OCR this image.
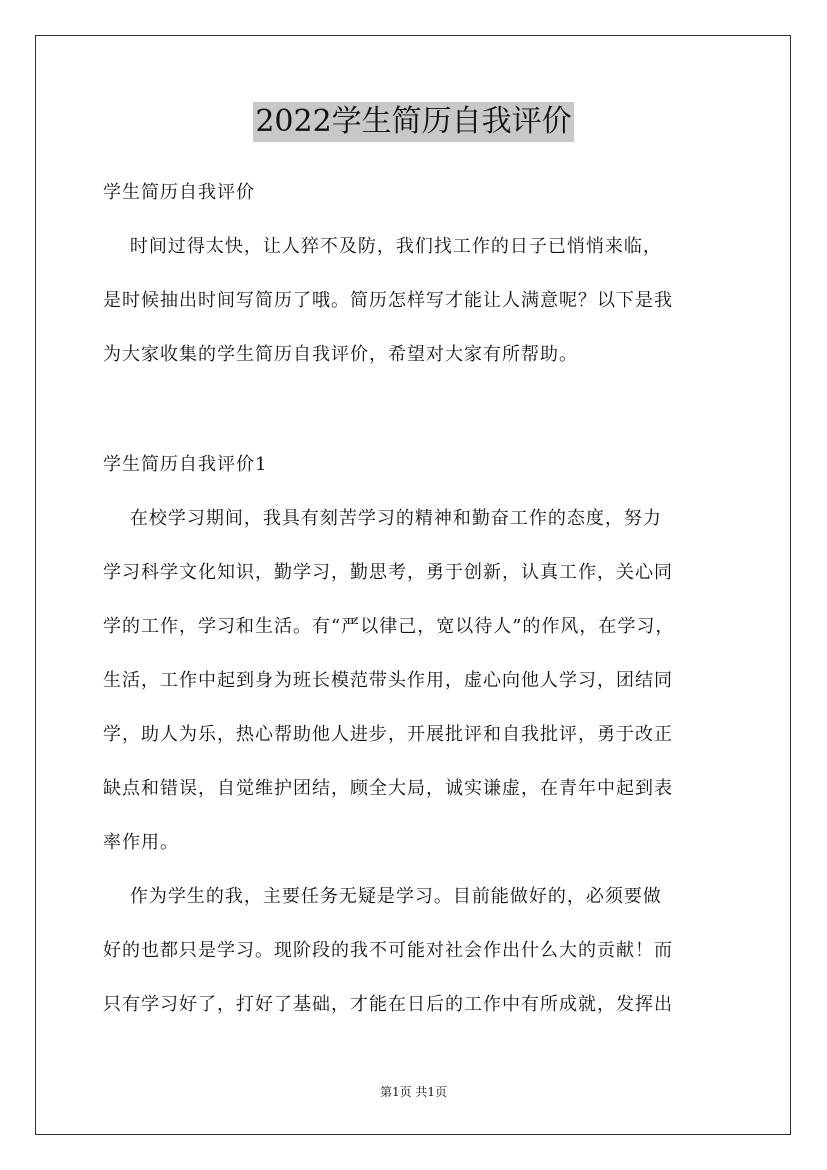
2022学生简历自我评价
学生简历自我评价
时间过得太快，让人猝不及防，我们找工作的日子已悄悄来临，
是时候抽出时间写简历了哦。简历怎样写才能让人满意呢？以下是我
为大家收集的学生简历自我评价，希望对大家有所帮助。
学生简历自我评价1
在校学习期间，我具有刻苦学习的精神和勤奋工作的态度，努力
学习科学文化知识，勤学习，勤思考，勇于创新，认真工作，关心同
学的工作，学习和生活。有“严以律己，宽以待人”的作风，在学习，
生活，工作中起到身为班长模范带头作用，虚心向他人学习，团结同
学，助人为乐，热心帮助他人进步，开展批评和自我批评，勇于改正
缺点和错误，自觉维护团结，顾全大局，诚实谦虚，在青年中起到表
率作用。
作为学生的我，主要任务无疑是学习。目前能做好的，必须要做
好的也都只是学习。现阶段的我不可能对社会作出什么大的贡献！而
只有学习好了，打好了基础，才能在日后的工作中有所成就，发挥出
第1页 共1页
